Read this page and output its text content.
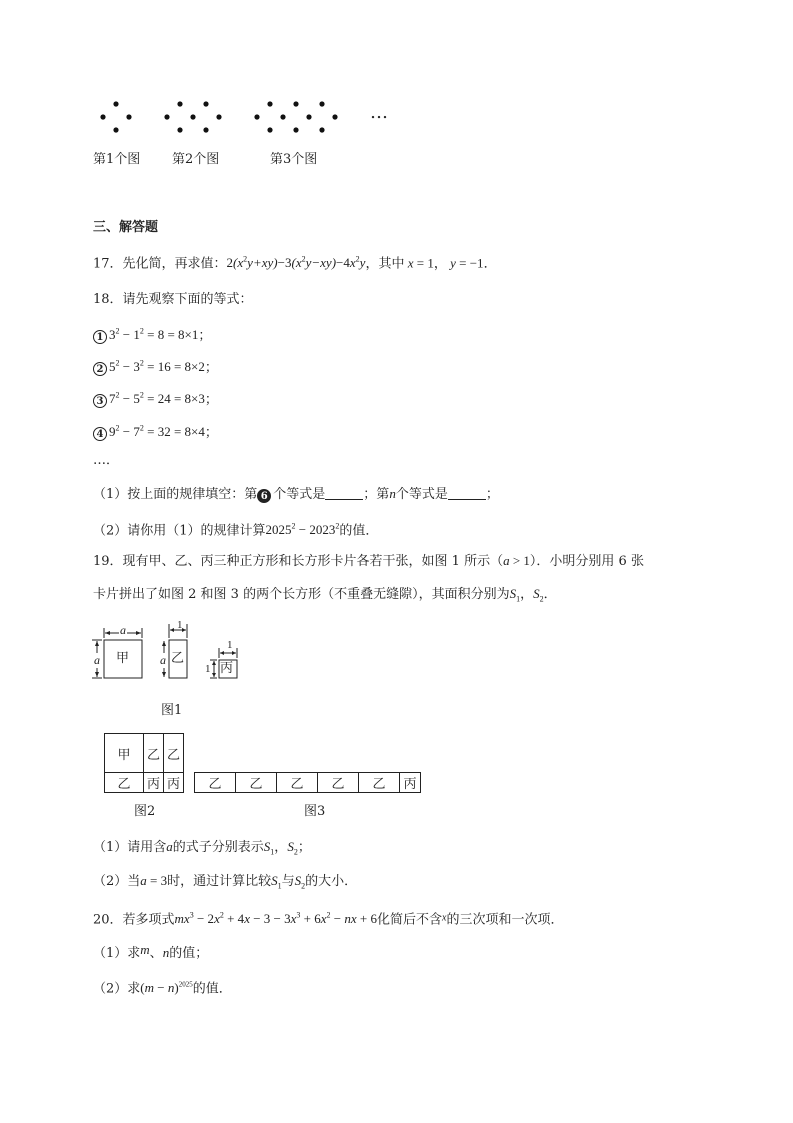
…
第1个图 第2个图	第3个图
三、解答题
17．先化简，再求值：$2(x^2y+xy)-3(x^2y-xy)-4x^2y$，其中 x = 1， y = −1．
18．请先观察下面的等式：
1 $3^2 - 1^2 = 8 = 8\times 1$；
2 $5^2 - 3^2 = 16 = 8\times 2$；
3 $7^2 - 5^2 = 24 = 8\times 3$；
4 $9^2 - 7^2 = 32 = 8\times 4$；
…．
（1）按上面的规律填空：第 6 个等式是	；第n个等式是	；
（2）请你用（1）的规律计算$2025^2 - 2023^2$的值．
19．现有甲、乙、丙三种正方形和长方形卡片各若干张，如图 1 所示（a > 1）．小明分别用 6 张
卡片拼出了如图 2 和图 3 的两个长方形（不重叠无缝隙），其面积分别为$S_1$，$S_2$．
a
a 甲
1
a 乙
1
1 丙
图1
甲	乙	乙
乙	丙	丙
图2
乙	乙	乙	乙	乙	丙
图3
（1）请用含a的式子分别表示$S_1$，$S_2$；
（2）当a = 3时，通过计算比较$S_1$与$S_2$的大小．
20．若多项式$mx^3 - 2x^2 + 4x - 3 - 3x^3 + 6x^2$ − nx + 6化简后不含$^x$的三次项和一次项．
（1）求m、n的值；
（2）求$(m - n)^{2025}$的值．
